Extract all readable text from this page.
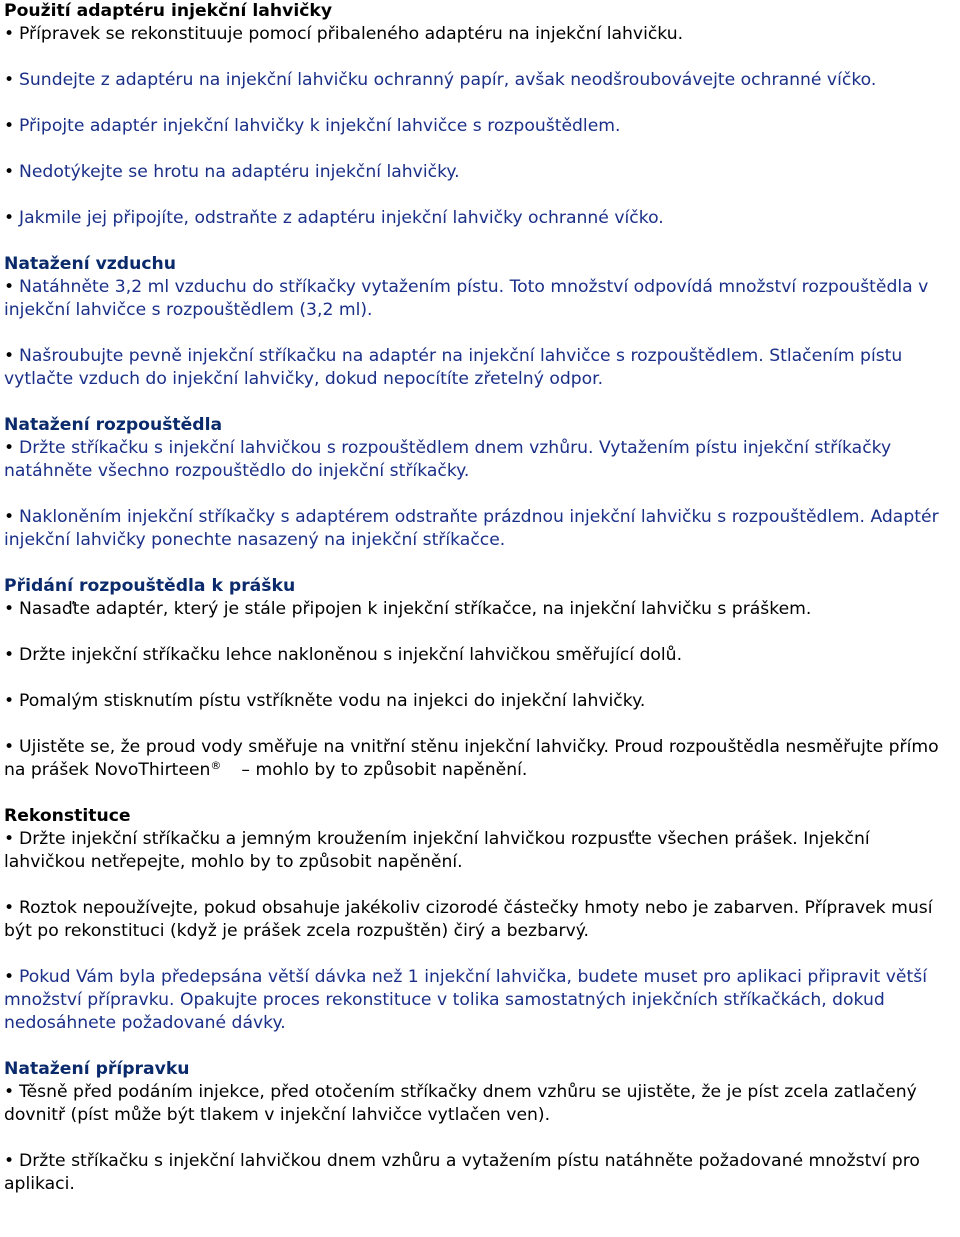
Použití adaptéru injekční lahvičky

• Přípravek se rekonstituuje pomocí přibaleného adaptéru na injekční lahvičku.

• Sundejte z adaptéru na injekční lahvičku ochranný papír, avšak neodšroubovávejte ochranné víčko.

• Připojte adaptér injekční lahvičky k injekční lahvičce s rozpouštědlem.

• Nedotýkejte se hrotu na adaptéru injekční lahvičky.

• Jakmile jej připojíte, odstraňte z adaptéru injekční lahvičky ochranné víčko.

Natažení vzduchu

• Natáhněte 3,2 ml vzduchu do stříkačky vytažením pístu. Toto množství odpovídá množství rozpouštědla v injekční lahvičce s rozpouštědlem (3,2 ml).

• Našroubujte pevně injekční stříkačku na adaptér na injekční lahvičce s rozpouštědlem. Stlačením pístu vytlačte vzduch do injekční lahvičky, dokud nepocítíte zřetelný odpor.

Natažení rozpouštědla

• Držte stříkačku s injekční lahvičkou s rozpouštědlem dnem vzhůru. Vytažením pístu injekční stříkačky natáhněte všechno rozpouštědlo do injekční stříkačky.

• Nakloněním injekční stříkačky s adaptérem odstraňte prázdnou injekční lahvičku s rozpouštědlem. Adaptér injekční lahvičky ponechte nasazený na injekční stříkačce.

Přidání rozpouštědla k prášku

• Nasaďte adaptér, který je stále připojen k injekční stříkačce, na injekční lahvičku s práškem.

• Držte injekční stříkačku lehce nakloněnou s injekční lahvičkou směřující dolů.

• Pomalým stisknutím pístu vstříkněte vodu na injekci do injekční lahvičky.

• Ujistěte se, že proud vody směřuje na vnitřní stěnu injekční lahvičky. Proud rozpouštědla nesměřujte přímo na prášek NovoThirteen® – mohlo by to způsobit napěnění.

Rekonstituce

• Držte injekční stříkačku a jemným kroužením injekční lahvičkou rozpusťte všechen prášek. Injekční lahvičkou netřepejte, mohlo by to způsobit napěnění.

• Roztok nepoužívejte, pokud obsahuje jakékoliv cizorodé částečky hmoty nebo je zabarven. Přípravek musí být po rekonstituci (když je prášek zcela rozpuštěn) čirý a bezbarvý.

• Pokud Vám byla předepsána větší dávka než 1 injekční lahvička, budete muset pro aplikaci připravit větší množství přípravku. Opakujte proces rekonstituce v tolika samostatných injekčních stříkačkách, dokud nedosáhnete požadované dávky.

Natažení přípravku

• Těsně před podáním injekce, před otočením stříkačky dnem vzhůru se ujistěte, že je píst zcela zatlačený dovnitř (píst může být tlakem v injekční lahvičce vytlačen ven).

• Držte stříkačku s injekční lahvičkou dnem vzhůru a vytažením pístu natáhněte požadované množství pro aplikaci.
